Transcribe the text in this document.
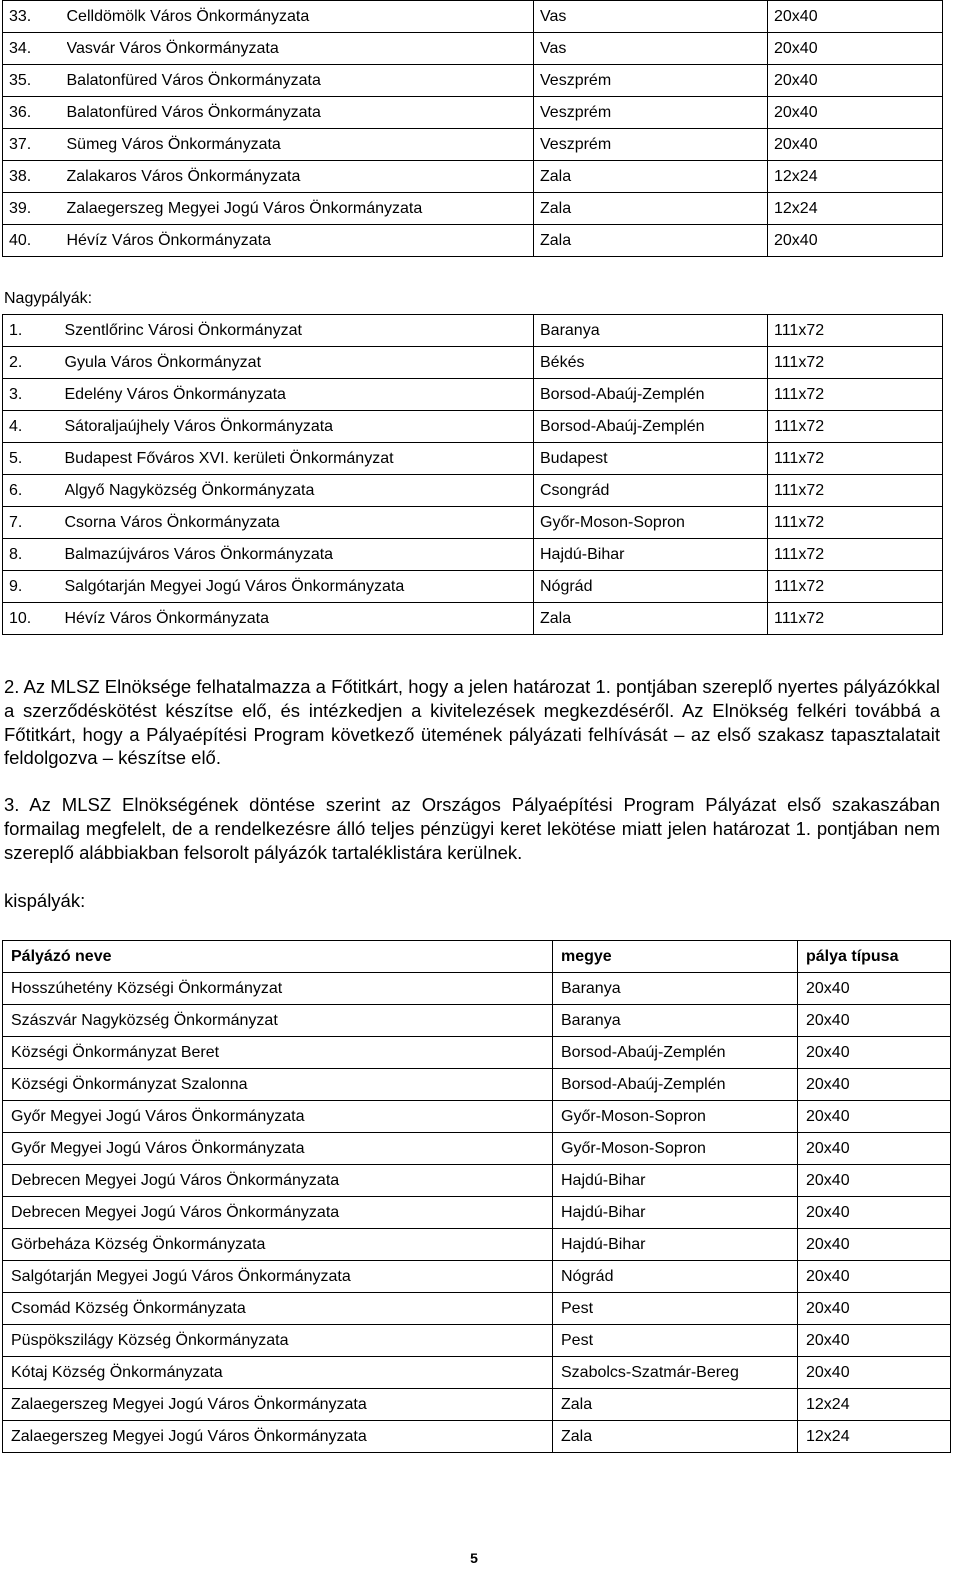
33.	Celldömölk Város Önkormányzata	Vas	20x40
34.	Vasvár Város Önkormányzata	Vas	20x40
35.	Balatonfüred Város Önkormányzata	Veszprém	20x40
36.	Balatonfüred Város Önkormányzata	Veszprém	20x40
37.	Sümeg Város Önkormányzata	Veszprém	20x40
38.	Zalakaros Város Önkormányzata	Zala	12x24
39.	Zalaegerszeg Megyei Jogú Város Önkormányzata	Zala	12x24
40.	Hévíz Város Önkormányzata	Zala	20x40
Nagypályák:
1.	Szentlőrinc Városi Önkormányzat	Baranya	111x72
2.	Gyula Város Önkormányzat	Békés	111x72
3.	Edelény Város Önkormányzata	Borsod-Abaúj-Zemplén	111x72
4.	Sátoraljaújhely Város Önkormányzata	Borsod-Abaúj-Zemplén	111x72
5.	Budapest Főváros XVI. kerületi Önkormányzat	Budapest	111x72
6.	Algyő Nagyközség Önkormányzata	Csongrád	111x72
7.	Csorna Város Önkormányzata	Győr-Moson-Sopron	111x72
8.	Balmazújváros Város Önkormányzata	Hajdú-Bihar	111x72
9.	Salgótarján Megyei Jogú Város Önkormányzata	Nógrád	111x72
10.	Hévíz Város Önkormányzata	Zala	111x72

2. Az MLSZ Elnöksége felhatalmazza a Főtitkárt, hogy a jelen határozat 1. pontjában szereplő nyertes pályázókkal a szerződéskötést készítse elő, és intézkedjen a kivitelezések megkezdéséről. Az Elnökség felkéri továbbá a Főtitkárt, hogy a Pályaépítési Program következő ütemének pályázati felhívását – az első szakasz tapasztalatait feldolgozva – készítse elő.

3. Az MLSZ Elnökségének döntése szerint az Országos Pályaépítési Program Pályázat első szakaszában formailag megfelelt, de a rendelkezésre álló teljes pénzügyi keret lekötése miatt jelen határozat 1. pontjában nem szereplő alábbiakban felsorolt pályázók tartaléklistára kerülnek.

kispályák:
Pályázó neve	megye	pálya típusa
Hosszúhetény Községi Önkormányzat	Baranya	20x40
Szászvár Nagyközség Önkormányzat	Baranya	20x40
Községi Önkormányzat Beret	Borsod-Abaúj-Zemplén	20x40
Községi Önkormányzat Szalonna	Borsod-Abaúj-Zemplén	20x40
Győr Megyei Jogú Város Önkormányzata	Győr-Moson-Sopron	20x40
Győr Megyei Jogú Város Önkormányzata	Győr-Moson-Sopron	20x40
Debrecen Megyei Jogú Város Önkormányzata	Hajdú-Bihar	20x40
Debrecen Megyei Jogú Város Önkormányzata	Hajdú-Bihar	20x40
Görbeháza Község Önkormányzata	Hajdú-Bihar	20x40
Salgótarján Megyei Jogú Város Önkormányzata	Nógrád	20x40
Csomád Község Önkormányzata	Pest	20x40
Püspökszilágy Község Önkormányzata	Pest	20x40
Kótaj Község Önkormányzata	Szabolcs-Szatmár-Bereg	20x40
Zalaegerszeg Megyei Jogú Város Önkormányzata	Zala	12x24
Zalaegerszeg Megyei Jogú Város Önkormányzata	Zala	12x24
5
